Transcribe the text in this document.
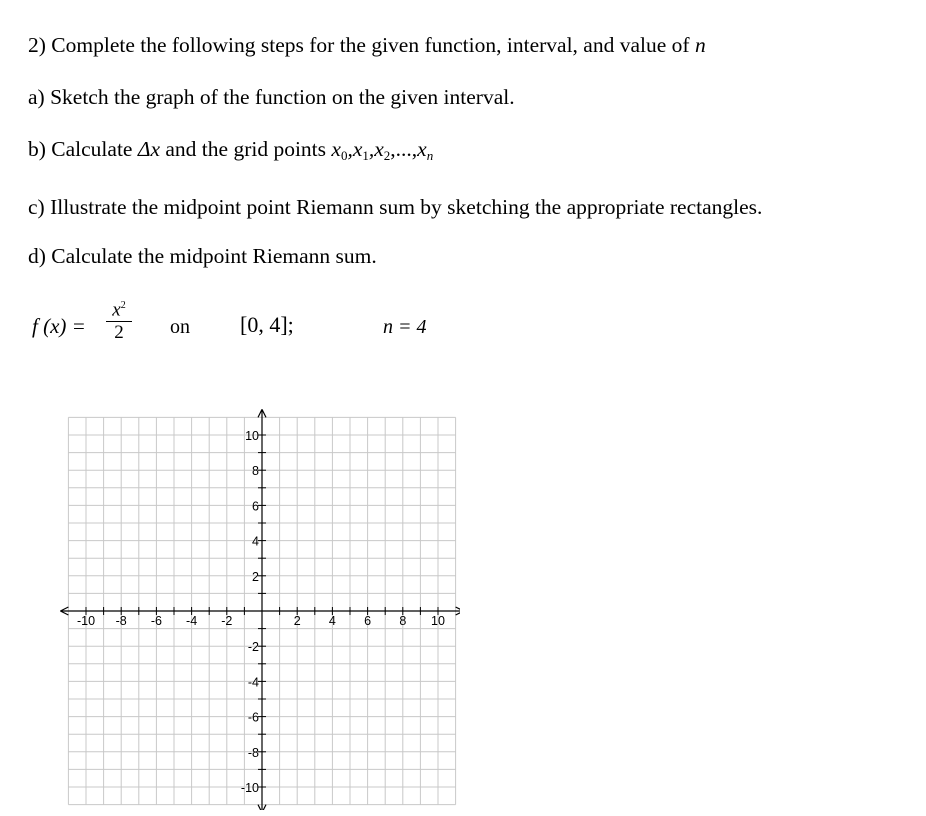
2) Complete the following steps for the given function, interval, and value of n
a) Sketch the graph of the function on the given interval.
b) Calculate Δx and the grid points $x_0,x_1,x_2,...,xn$
c) Illustrate the midpoint point Riemann sum by sketching the appropriate rectangles.
d) Calculate the midpoint Riemann sum.
f (x) =
$x^2$
2	on [0, 4];	n = 4
-10 -8 -6 -4 -2	2 4 6 8 10
10
8
6
4
2
-2
-4
-6
-8
-10
